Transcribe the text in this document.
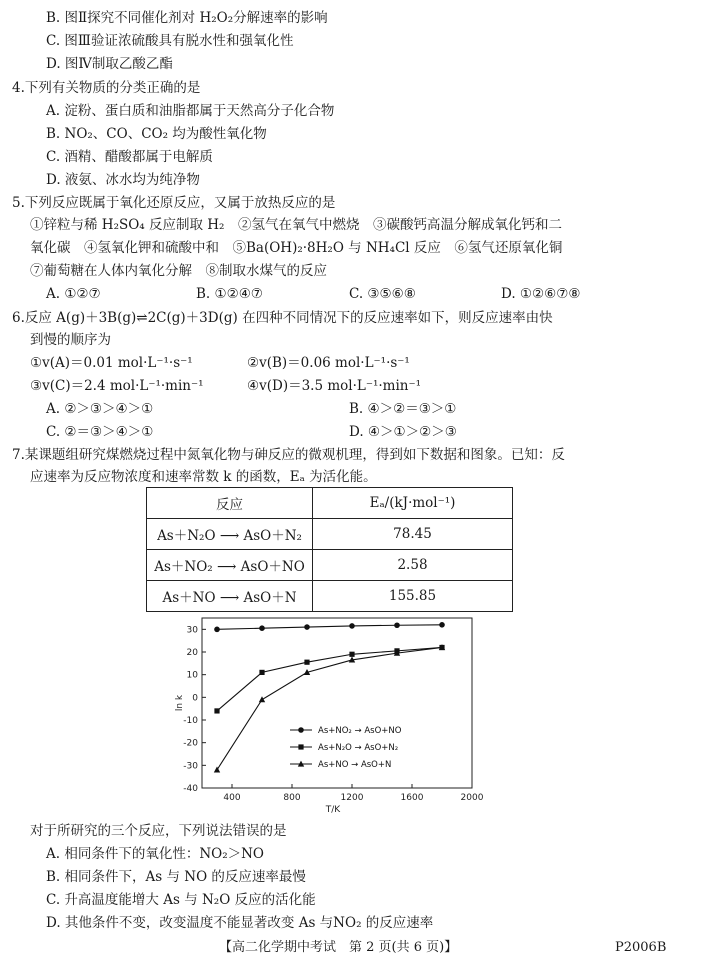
B. 图Ⅱ探究不同催化剂对 H₂O₂分解速率的影响
C. 图Ⅲ验证浓硫酸具有脱水性和强氧化性
D. 图Ⅳ制取乙酸乙酯
4.下列有关物质的分类正确的是
A. 淀粉、蛋白质和油脂都属于天然高分子化合物
B. NO₂、CO、CO₂ 均为酸性氧化物
C. 酒精、醋酸都属于电解质
D. 液氨、冰水均为纯净物
5.下列反应既属于氧化还原反应，又属于放热反应的是
①锌粒与稀 H₂SO₄ 反应制取 H₂　②氢气在氧气中燃烧　③碳酸钙高温分解成氧化钙和二
氧化碳　④氢氧化钾和硫酸中和　⑤Ba(OH)₂·8H₂O 与 NH₄Cl 反应　⑥氢气还原氧化铜
⑦葡萄糖在人体内氧化分解　⑧制取水煤气的反应
A. ①②⑦	B. ①②④⑦	C. ③⑤⑥⑧	D. ①②⑥⑦⑧
6.反应 A(g)＋3B(g)⇌2C(g)＋3D(g) 在四种不同情况下的反应速率如下，则反应速率由快
到慢的顺序为
①v(A)＝0.01 mol·L⁻¹·s⁻¹	②v(B)＝0.06 mol·L⁻¹·s⁻¹
③v(C)＝2.4 mol·L⁻¹·min⁻¹	④v(D)＝3.5 mol·L⁻¹·min⁻¹
A. ②＞③＞④＞①	B. ④＞②＝③＞①
C. ②＝③＞④＞①	D. ④＞①＞②＞③
7.某课题组研究煤燃烧过程中氮氧化物与砷反应的微观机理，得到如下数据和图象。已知：反
应速率为反应物浓度和速率常数 k 的函数，Eₐ 为活化能。
反应	Eₐ/(kJ·mol⁻¹)
As＋N₂O ⟶ AsO＋N₂	78.45
As＋NO₂ ⟶ AsO＋NO	2.58
As＋NO ⟶ AsO＋N	155.85
400	800	1200	1600	2000
30
20
10
0
-10
-20
-30
-40
T/K
ln k
As+NO₂ → AsO+NO
As+N₂O → AsO+N₂
As+NO → AsO+N
对于所研究的三个反应，下列说法错误的是
A. 相同条件下的氧化性：NO₂＞NO
B. 相同条件下，As 与 NO 的反应速率最慢
C. 升高温度能增大 As 与 N₂O 反应的活化能
D. 其他条件不变，改变温度不能显著改变 As 与NO₂ 的反应速率
【高二化学期中考试　第 2 页(共 6 页)】	P2006B
